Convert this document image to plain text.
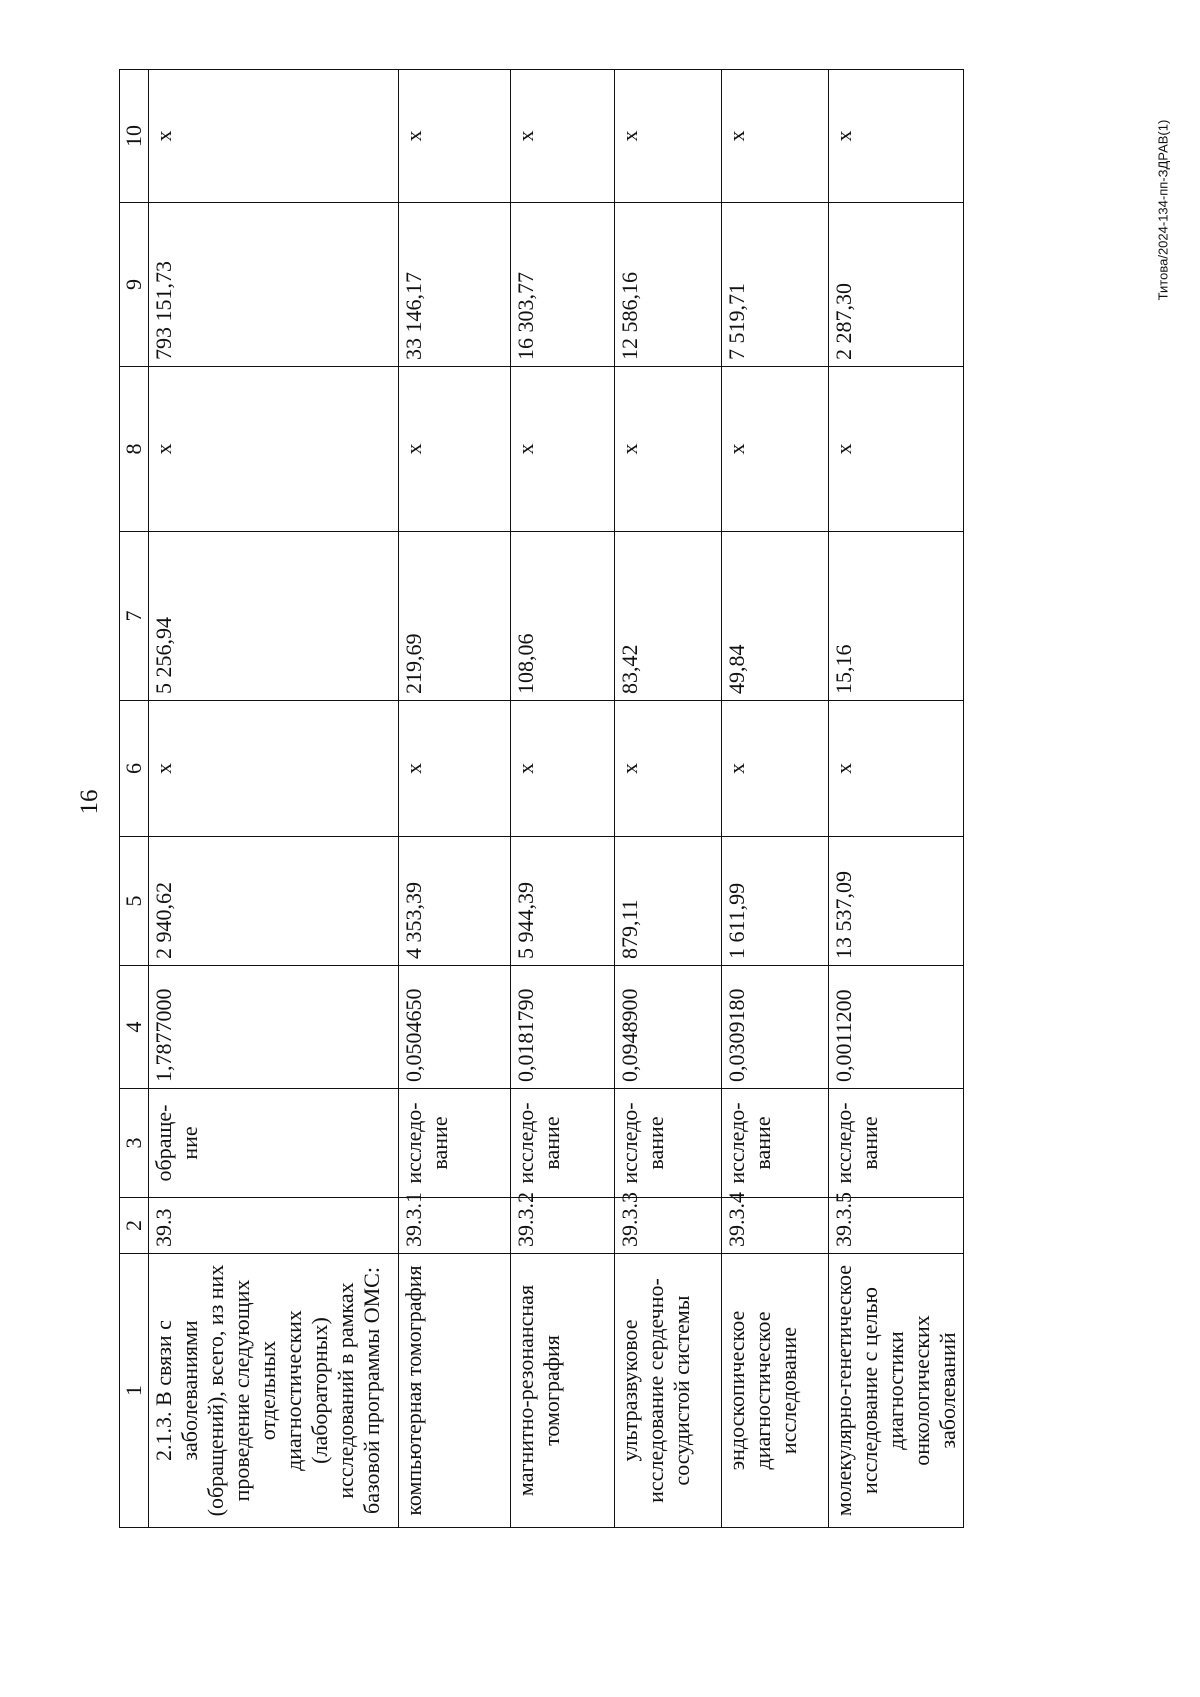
16
Титова/2024-134-пп-ЗДРАВ(1)
1	2	3	4	5	6	7	8	9	10
2.1.3. В связи с заболеваниями (обращений), всего, из них проведение следующих отдельных диагностических (лабораторных) исследований в рамках базовой программы ОМС:	39.3	обраще-ние	1,7877000	2 940,62	х	5 256,94	х	793 151,73	х
компьютерная томография	39.3.1	исследо-вание	0,0504650	4 353,39	х	219,69	х	33 146,17	х
магнитно-резонансная томография	39.3.2	исследо-вание	0,0181790	5 944,39	х	108,06	х	16 303,77	х
ультразвуковое исследование сердечно-сосудистой системы	39.3.3	исследо-вание	0,0948900	879,11	х	83,42	х	12 586,16	х
эндоскопическое диагностическое исследование	39.3.4	исследо-вание	0,0309180	1 611,99	х	49,84	х	7 519,71	х
молекулярно-генетическое исследование с целью диагностики онкологических заболеваний	39.3.5	исследо-вание	0,0011200	13 537,09	х	15,16	х	2 287,30	х
